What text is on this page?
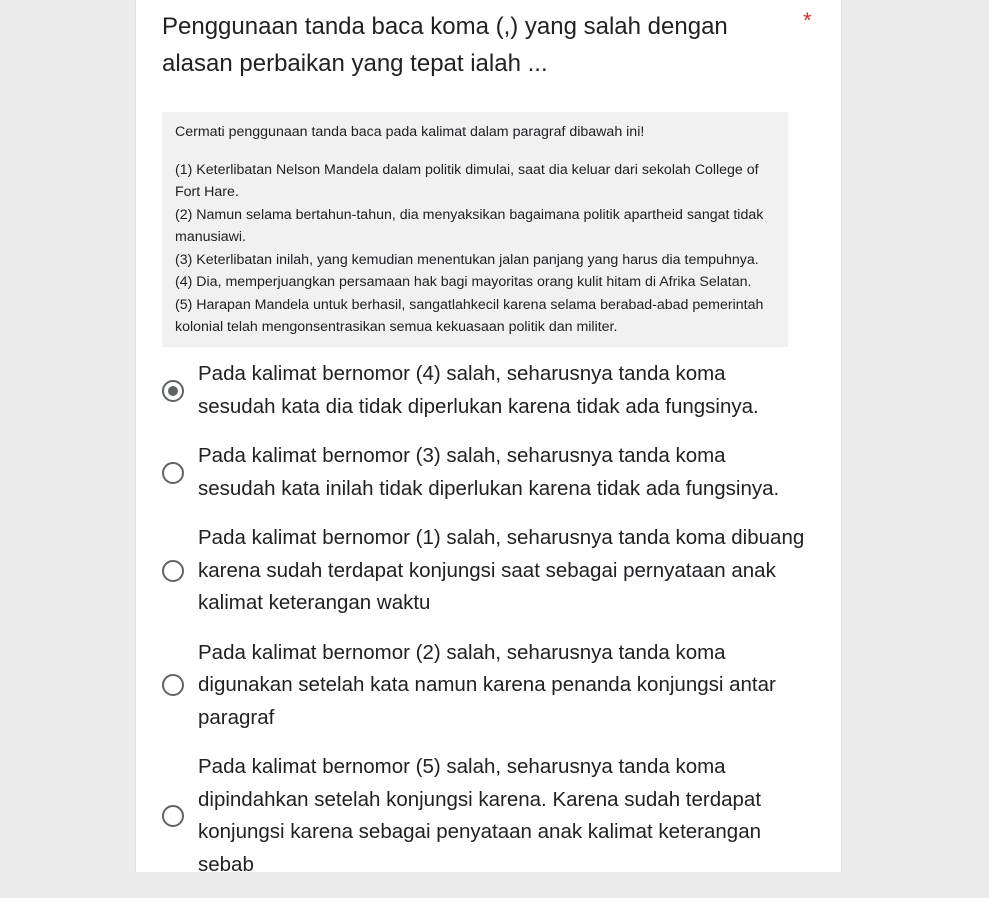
Penggunaan tanda baca koma (,) yang salah dengan alasan perbaikan yang tepat ialah ...
*
Cermati penggunaan tanda baca pada kalimat dalam paragraf dibawah ini!
(1) Keterlibatan Nelson Mandela dalam politik dimulai, saat dia keluar dari sekolah College of Fort Hare.
(2) Namun selama bertahun-tahun, dia menyaksikan bagaimana politik apartheid sangat tidak manusiawi.
(3) Keterlibatan inilah, yang kemudian menentukan jalan panjang yang harus dia tempuhnya.
(4) Dia, memperjuangkan persamaan hak bagi mayoritas orang kulit hitam di Afrika Selatan.
(5) Harapan Mandela untuk berhasil, sangatlahkecil karena selama berabad-abad pemerintah kolonial telah mengonsentrasikan semua kekuasaan politik dan militer.
Pada kalimat bernomor (4) salah, seharusnya tanda koma sesudah kata dia tidak diperlukan karena tidak ada fungsinya.
Pada kalimat bernomor (3) salah, seharusnya tanda koma sesudah kata inilah tidak diperlukan karena tidak ada fungsinya.
Pada kalimat bernomor (1) salah, seharusnya tanda koma dibuang karena sudah terdapat konjungsi saat sebagai pernyataan anak kalimat keterangan waktu
Pada kalimat bernomor (2) salah, seharusnya tanda koma digunakan setelah kata namun karena penanda konjungsi antar paragraf
Pada kalimat bernomor (5) salah, seharusnya tanda koma dipindahkan setelah konjungsi karena. Karena sudah terdapat konjungsi karena sebagai penyataan anak kalimat keterangan sebab
